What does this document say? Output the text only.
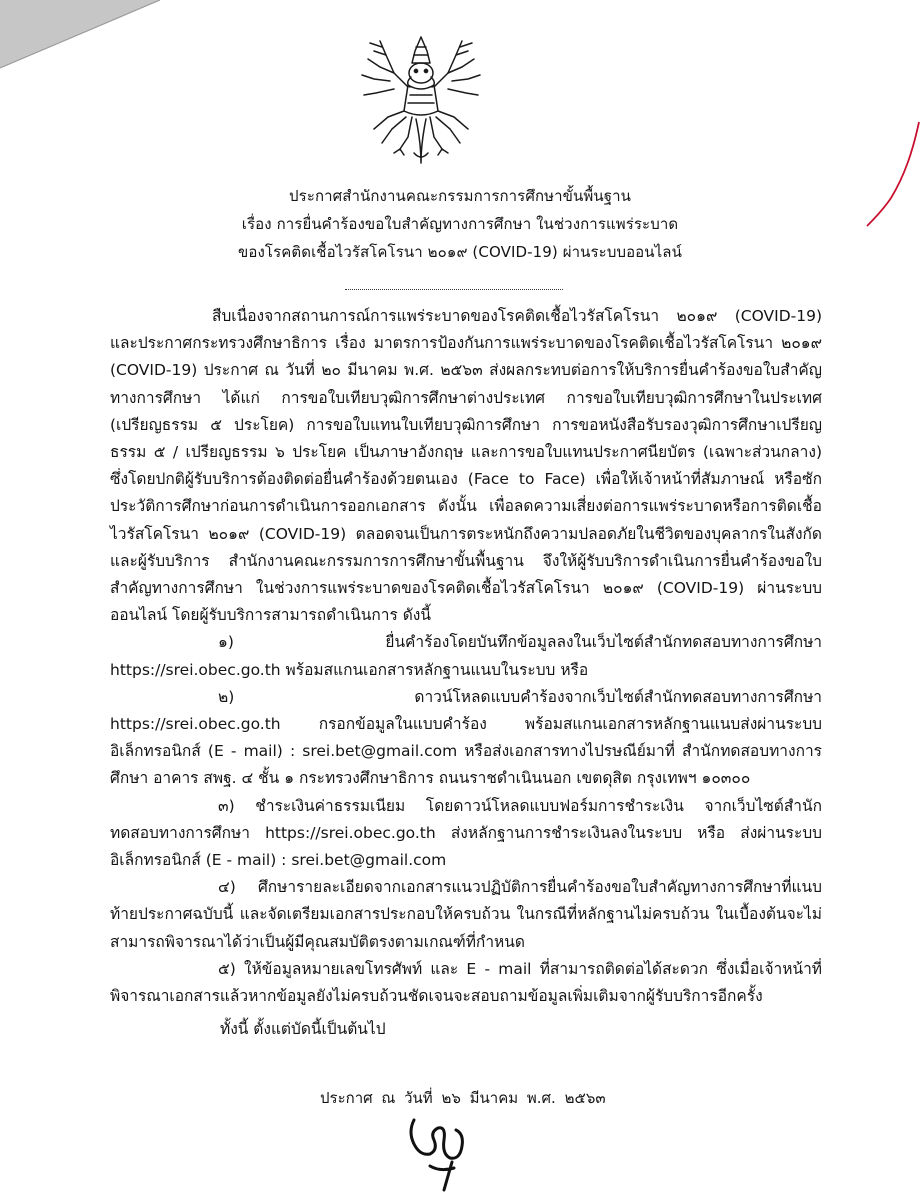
ประกาศสำนักงานคณะกรรมการการศึกษาขั้นพื้นฐาน
เรื่อง การยื่นคำร้องขอใบสำคัญทางการศึกษา ในช่วงการแพร่ระบาด
ของโรคติดเชื้อไวรัสโคโรนา ๒๐๑๙ (COVID-19) ผ่านระบบออนไลน์

สืบเนื่องจากสถานการณ์การแพร่ระบาดของโรคติดเชื้อไวรัสโคโรนา ๒๐๑๙ (COVID-19) และประกาศกระทรวงศึกษาธิการ เรื่อง มาตรการป้องกันการแพร่ระบาดของโรคติดเชื้อไวรัสโคโรนา ๒๐๑๙ (COVID-19) ประกาศ ณ วันที่ ๒๐ มีนาคม พ.ศ. ๒๕๖๓ ส่งผลกระทบต่อการให้บริการยื่นคำร้องขอใบสำคัญทางการศึกษา ได้แก่ การขอใบเทียบวุฒิการศึกษาต่างประเทศ การขอใบเทียบวุฒิการศึกษาในประเทศ (เปรียญธรรม ๕ ประโยค) การขอใบแทนใบเทียบวุฒิการศึกษา การขอหนังสือรับรองวุฒิการศึกษาเปรียญธรรม ๕ / เปรียญธรรม ๖ ประโยค เป็นภาษาอังกฤษ และการขอใบแทนประกาศนียบัตร (เฉพาะส่วนกลาง) ซึ่งโดยปกติผู้รับบริการต้องติดต่อยื่นคำร้องด้วยตนเอง (Face to Face) เพื่อให้เจ้าหน้าที่สัมภาษณ์ หรือซักประวัติการศึกษาก่อนการดำเนินการออกเอกสาร ดังนั้น เพื่อลดความเสี่ยงต่อการแพร่ระบาดหรือการติดเชื้อไวรัสโคโรนา ๒๐๑๙ (COVID-19) ตลอดจนเป็นการตระหนักถึงความปลอดภัยในชีวิตของบุคลากรในสังกัดและผู้รับบริการ สำนักงานคณะกรรมการการศึกษาขั้นพื้นฐาน จึงให้ผู้รับบริการดำเนินการยื่นคำร้องขอใบสำคัญทางการศึกษา ในช่วงการแพร่ระบาดของโรคติดเชื้อไวรัสโคโรนา ๒๐๑๙ (COVID-19) ผ่านระบบออนไลน์ โดยผู้รับบริการสามารถดำเนินการ ดังนี้

๑) ยื่นคำร้องโดยบันทึกข้อมูลลงในเว็บไซต์สำนักทดสอบทางการศึกษา https://srei.obec.go.th พร้อมสแกนเอกสารหลักฐานแนบในระบบ หรือ

๒) ดาวน์โหลดแบบคำร้องจากเว็บไซต์สำนักทดสอบทางการศึกษา https://srei.obec.go.th กรอกข้อมูลในแบบคำร้อง พร้อมสแกนเอกสารหลักฐานแนบส่งผ่านระบบอิเล็กทรอนิกส์ (E - mail) : srei.bet@gmail.com หรือส่งเอกสารทางไปรษณีย์มาที่ สำนักทดสอบทางการศึกษา อาคาร สพฐ. ๔ ชั้น ๑ กระทรวงศึกษาธิการ ถนนราชดำเนินนอก เขตดุสิต กรุงเทพฯ ๑๐๓๐๐

๓) ชำระเงินค่าธรรมเนียม โดยดาวน์โหลดแบบฟอร์มการชำระเงิน จากเว็บไซต์สำนักทดสอบทางการศึกษา https://srei.obec.go.th ส่งหลักฐานการชำระเงินลงในระบบ หรือ ส่งผ่านระบบอิเล็กทรอนิกส์ (E - mail) : srei.bet@gmail.com

๔) ศึกษารายละเอียดจากเอกสารแนวปฏิบัติการยื่นคำร้องขอใบสำคัญทางการศึกษาที่แนบท้ายประกาศฉบับนี้ และจัดเตรียมเอกสารประกอบให้ครบถ้วน ในกรณีที่หลักฐานไม่ครบถ้วน ในเบื้องต้นจะไม่สามารถพิจารณาได้ว่าเป็นผู้มีคุณสมบัติตรงตามเกณฑ์ที่กำหนด

๕) ให้ข้อมูลหมายเลขโทรศัพท์ และ E - mail ที่สามารถติดต่อได้สะดวก ซึ่งเมื่อเจ้าหน้าที่พิจารณาเอกสารแล้วหากข้อมูลยังไม่ครบถ้วนชัดเจนจะสอบถามข้อมูลเพิ่มเติมจากผู้รับบริการอีกครั้ง

ทั้งนี้ ตั้งแต่บัดนี้เป็นต้นไป

ประกาศ ณ วันที่ ๒๖ มีนาคม พ.ศ. ๒๕๖๓
